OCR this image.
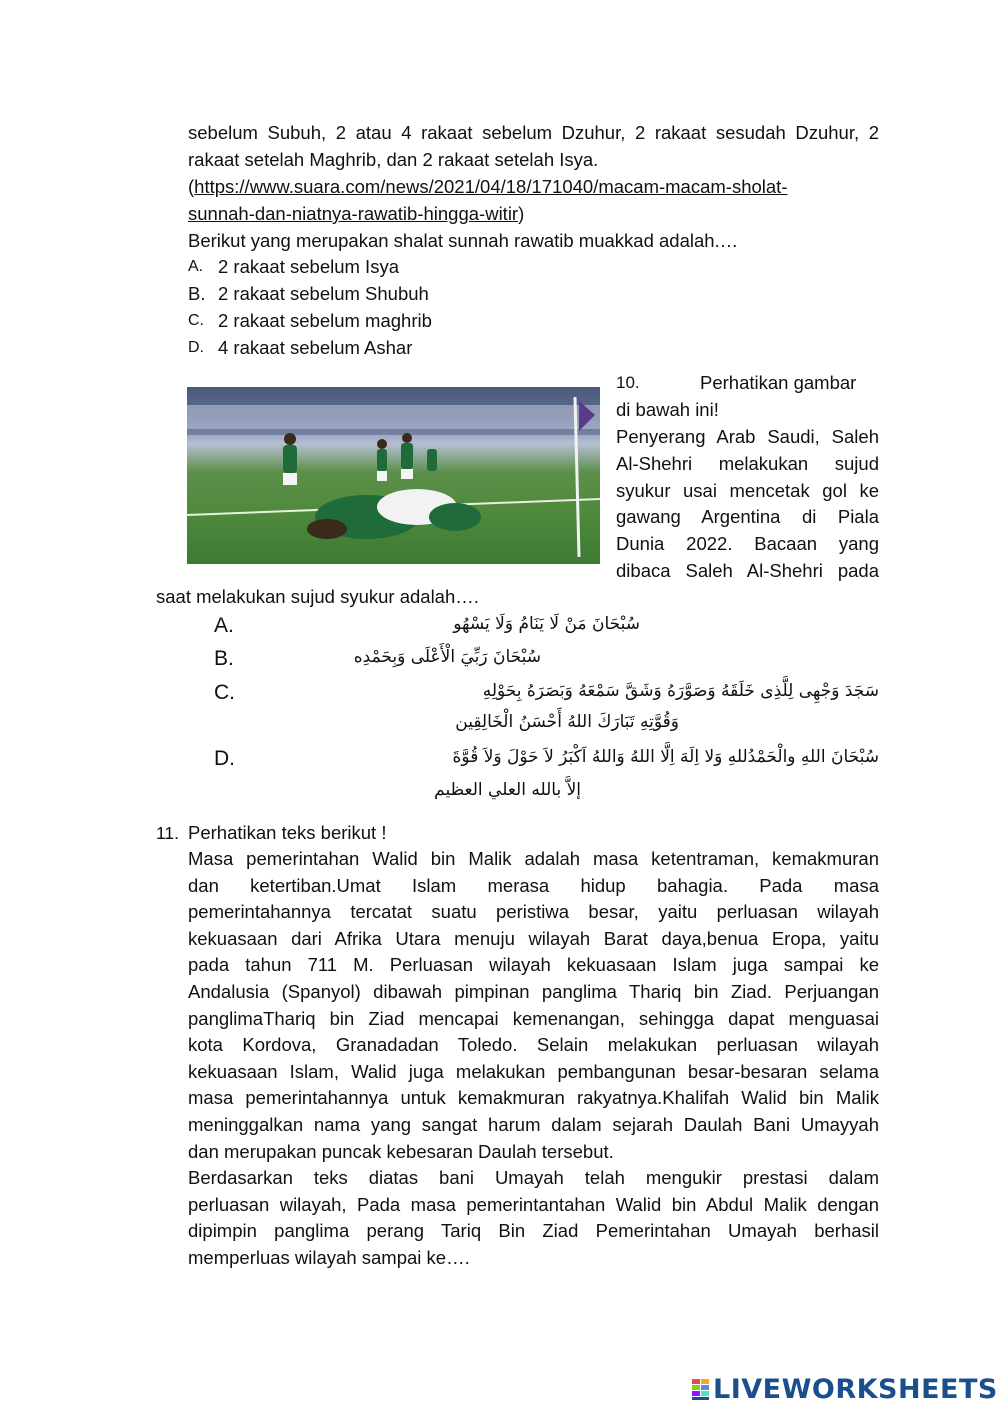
sebelum Subuh, 2 atau 4 rakaat sebelum Dzuhur, 2 rakaat sesudah Dzuhur, 2
rakaat setelah Maghrib, dan 2 rakaat setelah Isya.
(https://www.suara.com/news/2021/04/18/171040/macam-macam-sholat-
sunnah-dan-niatnya-rawatib-hingga-witir)
Berikut yang merupakan shalat sunnah rawatib muakkad adalah.…
A. 2 rakaat sebelum Isya
B. 2 rakaat sebelum Shubuh
C. 2 rakaat sebelum maghrib
D. 4 rakaat sebelum Ashar
10.	Perhatikan gambar
di bawah ini!
Penyerang Arab Saudi, Saleh
Al-Shehri melakukan sujud
syukur usai mencetak gol ke
gawang Argentina di Piala
Dunia 2022. Bacaan yang
dibaca Saleh Al-Shehri pada
saat melakukan sujud syukur adalah….
A.	سُبْحَانَ مَنْ لَا يَنَامُ وَلَا يَسْهُو
B.	سُبْحَانَ رَبِّيَ الْأَعْلَى وَبِحَمْدِه
C.	سَجَدَ وَجْهِى لِلَّذِى خَلَقَهُ وَصَوَّرَهُ وَشَقَّ سَمْعَهُ وَبَصَرَهُ بِحَوْلِهِ
وَقُوَّتِهِ تَبَارَكَ اللهُ أَحْسَنُ الْخَالِقِين
D.	سُبْحَانَ اللهِ والْحَمْدُللهِ وَلا اِلَهَ اِلَّا اللهُ وَاللهُ اَكْبَرُ لاَ حَوْلَ وَلاَ قُوَّةَ
إلاَّ بالله العلي العظيم
11. Perhatikan teks berikut !
Masa pemerintahan Walid bin Malik adalah masa ketentraman, kemakmuran
dan ketertiban.Umat Islam merasa hidup bahagia. Pada masa
pemerintahannya tercatat suatu peristiwa besar, yaitu perluasan wilayah
kekuasaan dari Afrika Utara menuju wilayah Barat daya,benua Eropa, yaitu
pada tahun 711 M. Perluasan wilayah kekuasaan Islam juga sampai ke
Andalusia (Spanyol) dibawah pimpinan panglima Thariq bin Ziad. Perjuangan
panglimaThariq bin Ziad mencapai kemenangan, sehingga dapat menguasai
kota Kordova, Granadadan Toledo. Selain melakukan perluasan wilayah
kekuasaan Islam, Walid juga melakukan pembangunan besar-besaran selama
masa pemerintahannya untuk kemakmuran rakyatnya.Khalifah Walid bin Malik
meninggalkan nama yang sangat harum dalam sejarah Daulah Bani Umayyah
dan merupakan puncak kebesaran Daulah tersebut.
Berdasarkan teks diatas bani Umayah telah mengukir prestasi dalam
perluasan wilayah, Pada masa pemerintantahan Walid bin Abdul Malik dengan
dipimpin panglima perang Tariq Bin Ziad Pemerintahan Umayah berhasil
memperluas wilayah sampai ke….
LIVEWORKSHEETS
